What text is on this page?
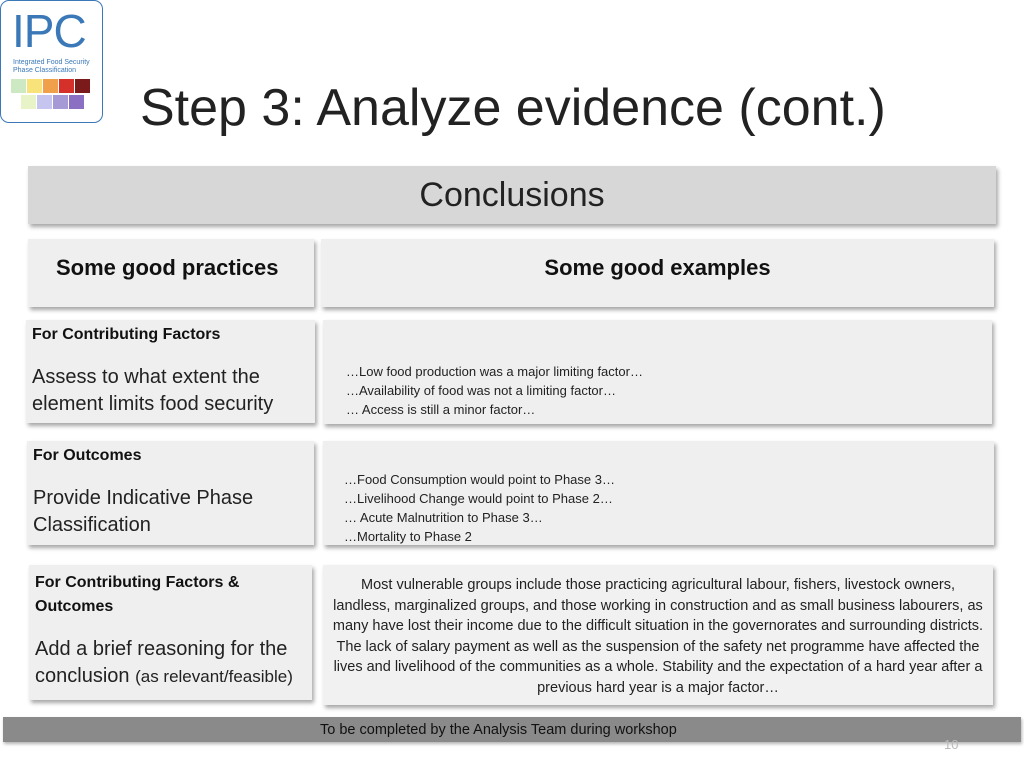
IPC
Integrated Food Security
Phase Classification
Step 3: Analyze evidence (cont.)
Conclusions
Some good practices	Some good examples
For Contributing Factors
Assess to what extent the element limits food security
…Low food production was a major limiting factor…
…Availability of food was not a limiting factor…
… Access is still a minor factor…
For Outcomes
Provide Indicative Phase Classification
…Food Consumption would point to Phase 3…
…Livelihood Change would point to Phase 2…
… Acute Malnutrition to Phase 3…
…Mortality to Phase 2
For Contributing Factors &
Outcomes
Add a brief reasoning for the
conclusion (as relevant/feasible)
Most vulnerable groups include those practicing agricultural labour, fishers, livestock owners, landless, marginalized groups, and those working in construction and as small business labourers, as many have lost their income due to the difficult situation in the governorates and surrounding districts. The lack of salary payment as well as the suspension of the safety net programme have affected the lives and livelihood of the communities as a whole. Stability and the expectation of a hard year after a previous hard year is a major factor…
To be completed by the Analysis Team during workshop
10
